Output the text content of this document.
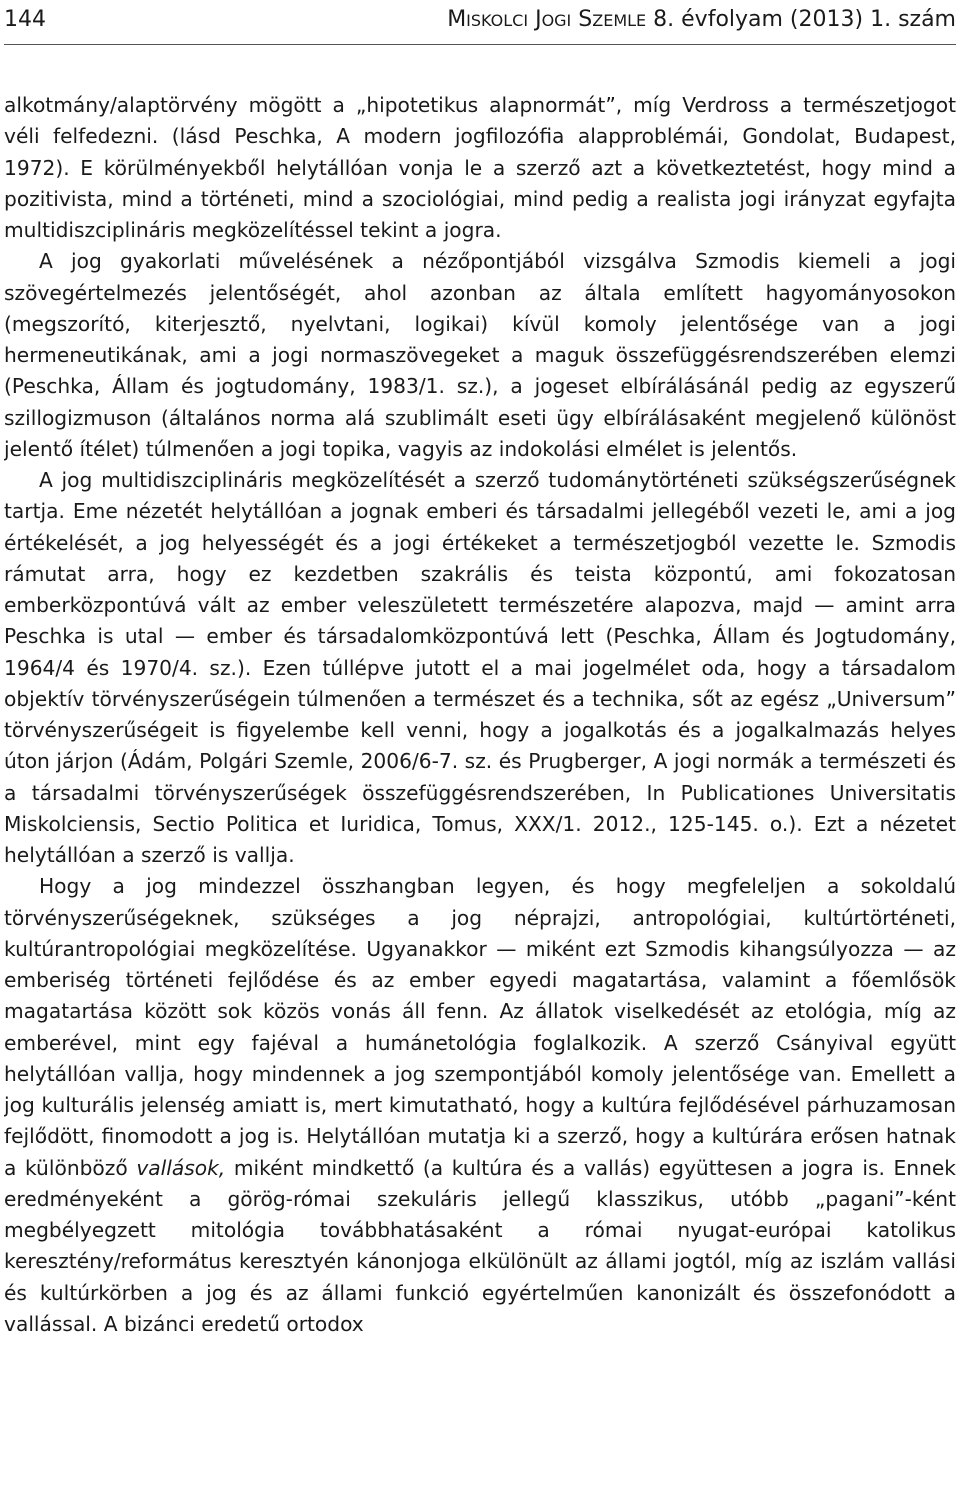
144	MISKOLCI JOGI SZEMLE 8. évfolyam (2013) 1. szám

alkotmány/alaptörvény mögött a „hipotetikus alapnormát”, míg Verdross a természetjogot véli felfedezni. (lásd Peschka, A modern jogfilozófia alapproblémái, Gondolat, Budapest, 1972). E körülményekből helytállóan vonja le a szerző azt a következtetést, hogy mind a pozitivista, mind a történeti, mind a szociológiai, mind pedig a realista jogi irányzat egyfajta multidiszciplináris megközelítéssel tekint a jogra.

A jog gyakorlati művelésének a nézőpontjából vizsgálva Szmodis kiemeli a jogi szövegértelmezés jelentőségét, ahol azonban az általa említett hagyományosokon (megszorító, kiterjesztő, nyelvtani, logikai) kívül komoly jelentősége van a jogi hermeneutikának, ami a jogi normaszövegeket a maguk összefüggésrendszerében elemzi (Peschka, Állam és jogtudomány, 1983/1. sz.), a jogeset elbírálásánál pedig az egyszerű szillogizmuson (általános norma alá szublimált eseti ügy elbírálásaként megjelenő különöst jelentő ítélet) túlmenően a jogi topika, vagyis az indokolási elmélet is jelentős.

A jog multidiszciplináris megközelítését a szerző tudománytörténeti szükségszerűségnek tartja. Eme nézetét helytállóan a jognak emberi és társadalmi jellegéből vezeti le, ami a jog értékelését, a jog helyességét és a jogi értékeket a természetjogból vezette le. Szmodis rámutat arra, hogy ez kezdetben szakrális és teista központú, ami fokozatosan emberközpontúvá vált az ember veleszületett természetére alapozva, majd — amint arra Peschka is utal — ember és társadalomközpontúvá lett (Peschka, Állam és Jogtudomány, 1964/4 és 1970/4. sz.). Ezen túllépve jutott el a mai jogelmélet oda, hogy a társadalom objektív törvényszerűségein túlmenően a természet és a technika, sőt az egész „Universum” törvényszerűségeit is figyelembe kell venni, hogy a jogalkotás és a jogalkalmazás helyes úton járjon (Ádám, Polgári Szemle, 2006/6-7. sz. és Prugberger, A jogi normák a természeti és a társadalmi törvényszerűségek összefüggésrendszerében, In Publicationes Universitatis Miskolciensis, Sectio Politica et Iuridica, Tomus, XXX/1. 2012., 125-145. o.). Ezt a nézetet helytállóan a szerző is vallja.

Hogy a jog mindezzel összhangban legyen, és hogy megfeleljen a sokoldalú törvényszerűségeknek, szükséges a jog néprajzi, antropológiai, kultúrtörténeti, kultúrantropológiai megközelítése. Ugyanakkor — miként ezt Szmodis kihangsúlyozza — az emberiség történeti fejlődése és az ember egyedi magatartása, valamint a főemlősök magatartása között sok közös vonás áll fenn. Az állatok viselkedését az etológia, míg az emberével, mint egy fajéval a humánetológia foglalkozik. A szerző Csányival együtt helytállóan vallja, hogy mindennek a jog szempontjából komoly jelentősége van. Emellett a jog kulturális jelenség amiatt is, mert kimutatható, hogy a kultúra fejlődésével párhuzamosan fejlődött, finomodott a jog is. Helytállóan mutatja ki a szerző, hogy a kultúrára erősen hatnak a különböző vallások, miként mindkettő (a kultúra és a vallás) együttesen a jogra is. Ennek eredményeként a görög-római szekuláris jellegű klasszikus, utóbb „pagani”-ként megbélyegzett mitológia továbbhatásaként a római nyugat-európai katolikus keresztény/református keresztyén kánonjoga elkülönült az állami jogtól, míg az iszlám vallási és kultúrkörben a jog és az állami funkció egyértelműen kanonizált és összefonódott a vallással. A bizánci eredetű ortodox
